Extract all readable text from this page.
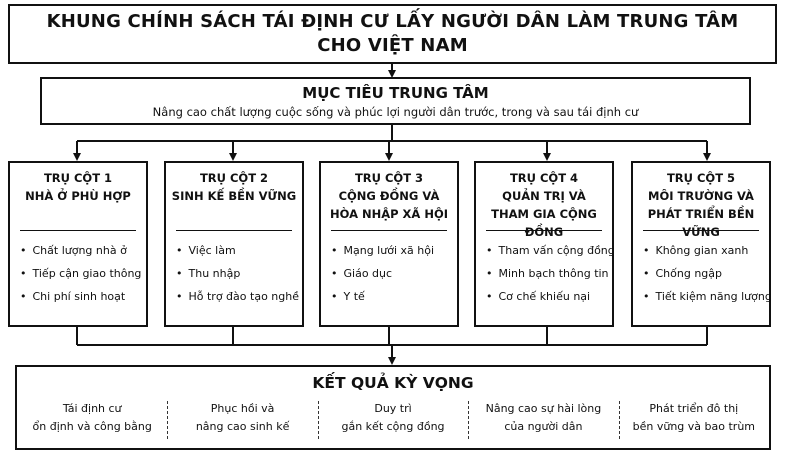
KHUNG CHÍNH SÁCH TÁI ĐỊNH CƯ LẤY NGƯỜI DÂN LÀM TRUNG TÂM
CHO VIỆT NAM
MỤC TIÊU TRUNG TÂM
Nâng cao chất lượng cuộc sống và phúc lợi người dân trước, trong và sau tái định cư
TRỤ CỘT 1
NHÀ Ở PHÙ HỢP
• Chất lượng nhà ở
• Tiếp cận giao thông
• Chi phí sinh hoạt
TRỤ CỘT 2
SINH KẾ BỀN VỮNG
• Việc làm
• Thu nhập
• Hỗ trợ đào tạo nghề
TRỤ CỘT 3
CỘNG ĐỒNG VÀ
HÒA NHẬP XÃ HỘI
• Mạng lưới xã hội
• Giáo dục
• Y tế
TRỤ CỘT 4
QUẢN TRỊ VÀ
THAM GIA CỘNG ĐỒNG
• Tham vấn cộng đồng
• Minh bạch thông tin
• Cơ chế khiếu nại
TRỤ CỘT 5
MÔI TRƯỜNG VÀ
PHÁT TRIỂN BỀN VỮNG
• Không gian xanh
• Chống ngập
• Tiết kiệm năng lượng
KẾT QUẢ KỲ VỌNG
Tái định cư
ổn định và công bằng
Phục hồi và
nâng cao sinh kế
Duy trì
gắn kết cộng đồng
Nâng cao sự hài lòng
của người dân
Phát triển đô thị
bền vững và bao trùm
